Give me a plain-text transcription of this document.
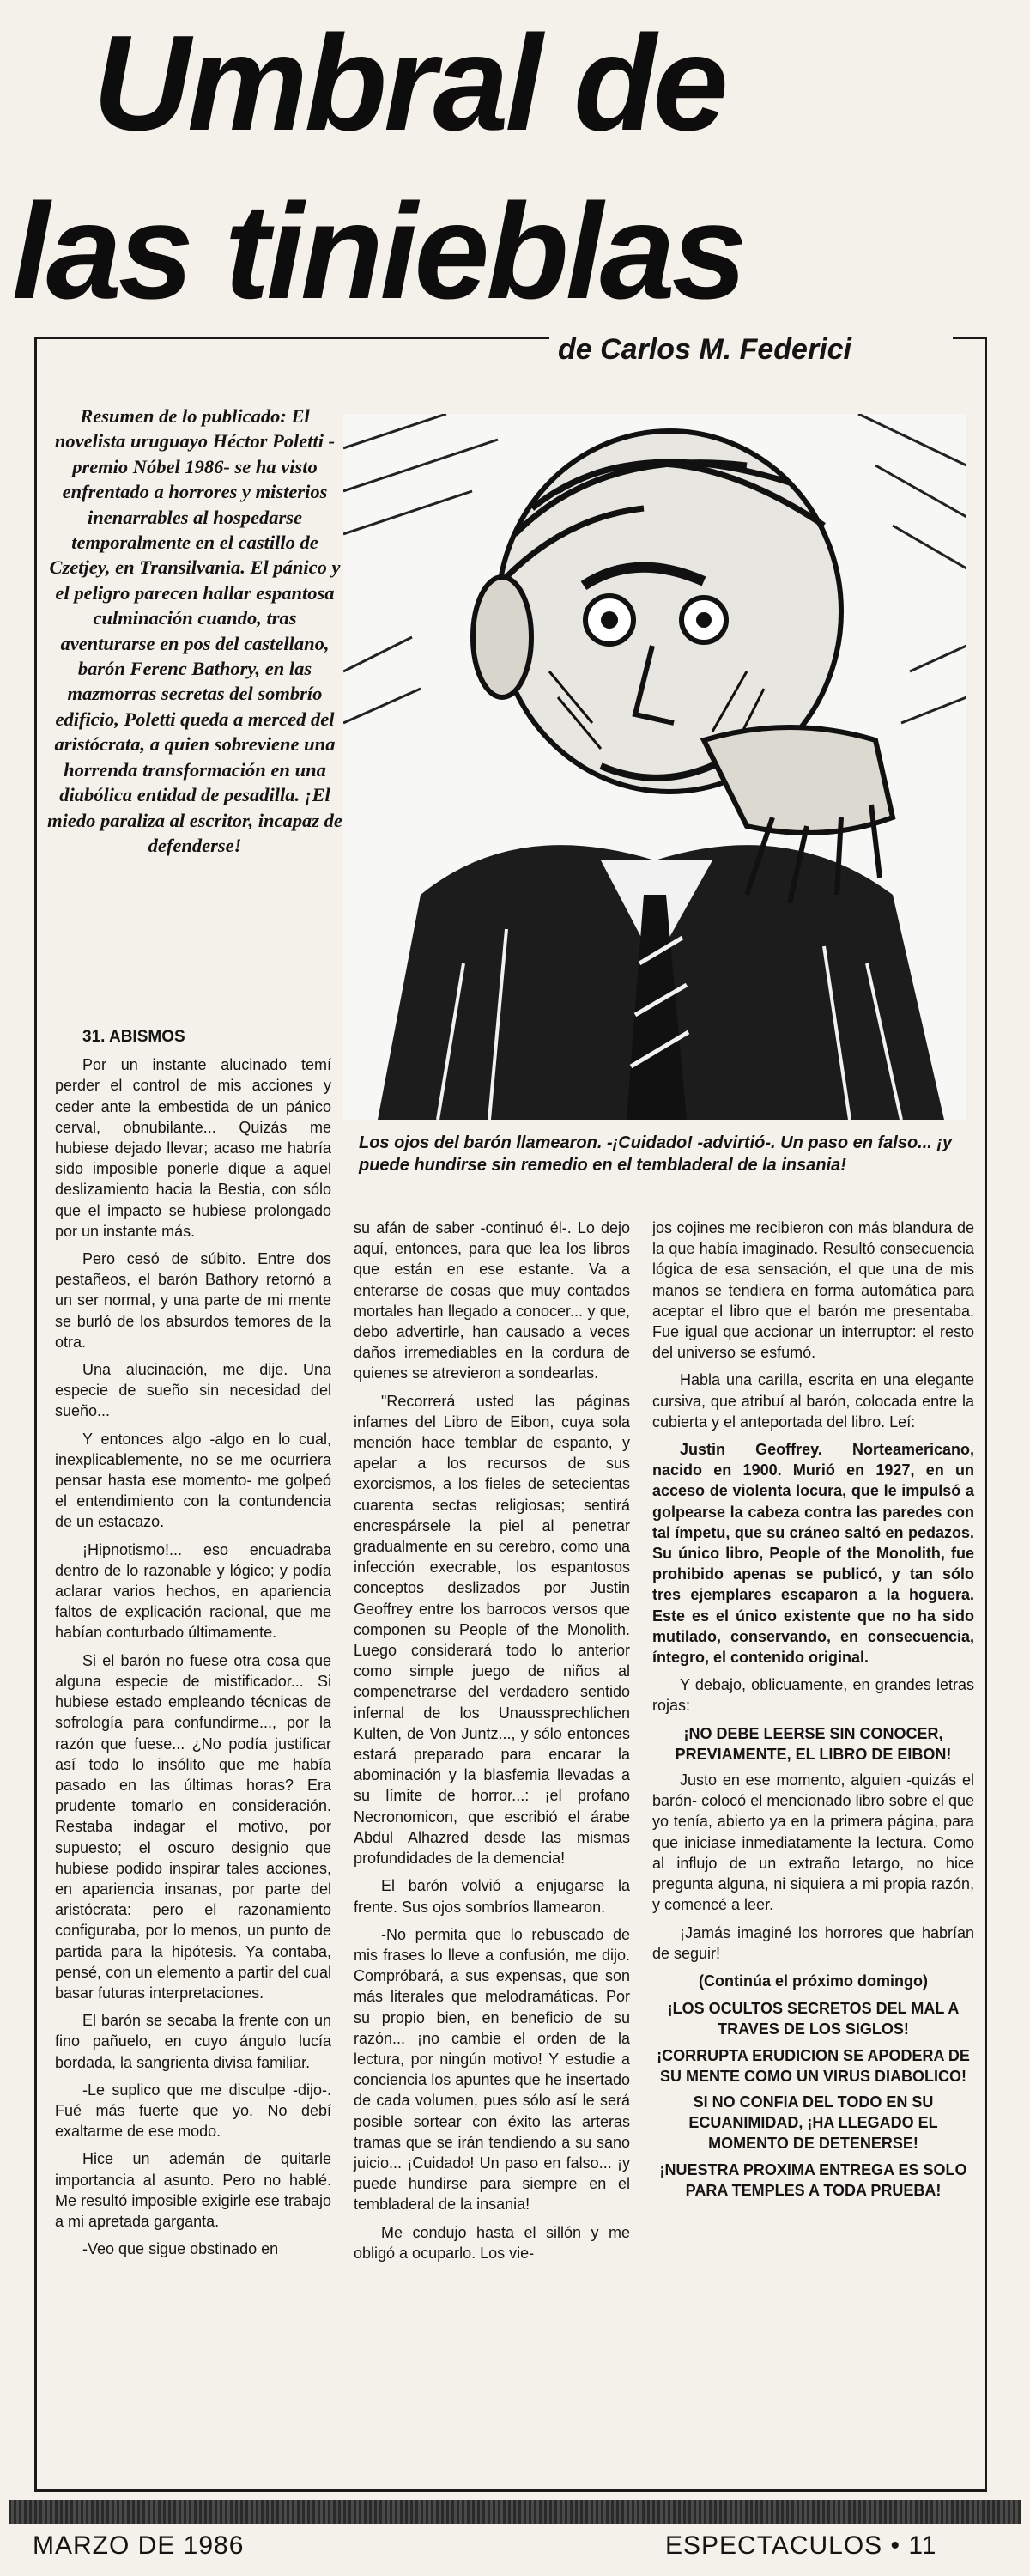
Umbral de
las tinieblas
de Carlos M. Federici

Resumen de lo publicado: El novelista uruguayo Héctor Poletti -premio Nóbel 1986- se ha visto enfrentado a horrores y misterios inenarrables al hospedarse temporalmente en el castillo de Czetjey, en Transilvania. El pánico y el peligro parecen hallar espantosa culminación cuando, tras aventurarse en pos del castellano, barón Ferenc Bathory, en las mazmorras secretas del sombrío edificio, Poletti queda a merced del aristócrata, a quien sobreviene una horrenda transformación en una diabólica entidad de pesadilla. ¡El miedo paraliza al escritor, incapaz de defenderse!

Los ojos del barón llamearon. -¡Cuidado! -advirtió-. Un paso en falso... ¡y puede hundirse sin remedio en el tembladeral de la insania!

31. ABISMOS

Por un instante alucinado temí perder el control de mis acciones y ceder ante la embestida de un pánico cerval, obnubilante... Quizás me hubiese dejado llevar; acaso me habría sido imposible ponerle dique a aquel deslizamiento hacia la Bestia, con sólo que el impacto se hubiese prolongado por un instante más.

Pero cesó de súbito. Entre dos pestañeos, el barón Bathory retornó a un ser normal, y una parte de mi mente se burló de los absurdos temores de la otra.

Una alucinación, me dije. Una especie de sueño sin necesidad del sueño...

Y entonces algo -algo en lo cual, inexplicablemente, no se me ocurriera pensar hasta ese momento- me golpeó el entendimiento con la contundencia de un estacazo.

¡Hipnotismo!... eso encuadraba dentro de lo razonable y lógico; y podía aclarar varios hechos, en apariencia faltos de explicación racional, que me habían conturbado últimamente.

Si el barón no fuese otra cosa que alguna especie de mistificador... Si hubiese estado empleando técnicas de sofrología para confundirme..., por la razón que fuese... ¿No podía justificar así todo lo insólito que me había pasado en las últimas horas? Era prudente tomarlo en consideración. Restaba indagar el motivo, por supuesto; el oscuro designio que hubiese podido inspirar tales acciones, en apariencia insanas, por parte del aristócrata: pero el razonamiento configuraba, por lo menos, un punto de partida para la hipótesis. Ya contaba, pensé, con un elemento a partir del cual basar futuras interpretaciones.

El barón se secaba la frente con un fino pañuelo, en cuyo ángulo lucía bordada, la sangrienta divisa familiar.

-Le suplico que me disculpe -dijo-. Fué más fuerte que yo. No debí exaltarme de ese modo.

Hice un ademán de quitarle importancia al asunto. Pero no hablé. Me resultó imposible exigirle ese trabajo a mi apretada garganta.

-Veo que sigue obstinado en

su afán de saber -continuó él-. Lo dejo aquí, entonces, para que lea los libros que están en ese estante. Va a enterarse de cosas que muy contados mortales han llegado a conocer... y que, debo advertirle, han causado a veces daños irremediables en la cordura de quienes se atrevieron a sondearlas.

"Recorrerá usted las páginas infames del Libro de Eibon, cuya sola mención hace temblar de espanto, y apelar a los recursos de sus exorcismos, a los fieles de setecientas cuarenta sectas religiosas; sentirá encrespársele la piel al penetrar gradualmente en su cerebro, como una infección execrable, los espantosos conceptos deslizados por Justin Geoffrey entre los barrocos versos que componen su People of the Monolith. Luego considerará todo lo anterior como simple juego de niños al compenetrarse del verdadero sentido infernal de los Unaussprechlichen Kulten, de Von Juntz..., y sólo entonces estará preparado para encarar la abominación y la blasfemia llevadas a su límite de horror...: ¡el profano Necronomicon, que escribió el árabe Abdul Alhazred desde las mismas profundidades de la demencia!

El barón volvió a enjugarse la frente. Sus ojos sombríos llamearon.

-No permita que lo rebuscado de mis frases lo lleve a confusión, me dijo. Compróbará, a sus expensas, que son más literales que melodramáticas. Por su propio bien, en beneficio de su razón... ¡no cambie el orden de la lectura, por ningún motivo! Y estudie a conciencia los apuntes que he insertado de cada volumen, pues sólo así le será posible sortear con éxito las arteras tramas que se irán tendiendo a su sano juicio... ¡Cuidado! Un paso en falso... ¡y puede hundirse para siempre en el tembladeral de la insania!

Me condujo hasta el sillón y me obligó a ocuparlo. Los vie-

jos cojines me recibieron con más blandura de la que había imaginado. Resultó consecuencia lógica de esa sensación, el que una de mis manos se tendiera en forma automática para aceptar el libro que el barón me presentaba. Fue igual que accionar un interruptor: el resto del universo se esfumó.

Habla una carilla, escrita en una elegante cursiva, que atribuí al barón, colocada entre la cubierta y el anteportada del libro. Leí:

Justin Geoffrey. Norteamericano, nacido en 1900. Murió en 1927, en un acceso de violenta locura, que le impulsó a golpearse la cabeza contra las paredes con tal ímpetu, que su cráneo saltó en pedazos. Su único libro, People of the Monolith, fue prohibido apenas se publicó, y tan sólo tres ejemplares escaparon a la hoguera. Este es el único existente que no ha sido mutilado, conservando, en consecuencia, íntegro, el contenido original.

Y debajo, oblicuamente, en grandes letras rojas:

¡NO DEBE LEERSE SIN CONOCER, PREVIAMENTE, EL LIBRO DE EIBON!

Justo en ese momento, alguien -quizás el barón- colocó el mencionado libro sobre el que yo tenía, abierto ya en la primera página, para que iniciase inmediatamente la lectura. Como al influjo de un extraño letargo, no hice pregunta alguna, ni siquiera a mi propia razón, y comencé a leer.

¡Jamás imaginé los horrores que habrían de seguir!

(Continúa el próximo domingo)

¡LOS OCULTOS SECRETOS DEL MAL A TRAVES DE LOS SIGLOS!

¡CORRUPTA ERUDICION SE APODERA DE SU MENTE COMO UN VIRUS DIABOLICO!

SI NO CONFIA DEL TODO EN SU ECUANIMIDAD, ¡HA LLEGADO EL MOMENTO DE DETENERSE!

¡NUESTRA PROXIMA ENTREGA ES SOLO PARA TEMPLES A TODA PRUEBA!

MARZO DE 1986	ESPECTACULOS • 11
